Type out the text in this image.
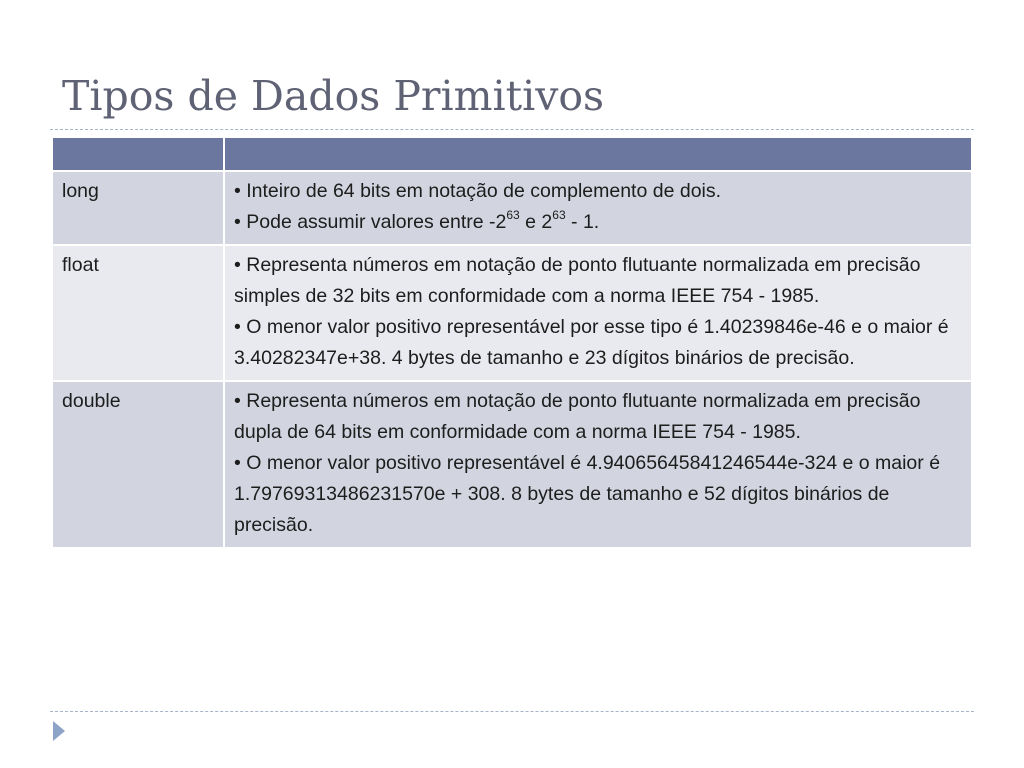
Tipos de Dados Primitivos

long	• Inteiro de 64 bits em notação de complemento de dois.
• Pode assumir valores entre $-2^{63}$ e $2^{63} - 1$.

float	• Representa números em notação de ponto flutuante normalizada em precisão simples de 32 bits em conformidade com a norma IEEE 754 - 1985.
• O menor valor positivo representável por esse tipo é 1.40239846e-46 e o maior é 3.40282347e+38. 4 bytes de tamanho e 23 dígitos binários de precisão.

double	• Representa números em notação de ponto flutuante normalizada em precisão dupla de 64 bits em conformidade com a norma IEEE 754 - 1985.
• O menor valor positivo representável é 4.94065645841246544e-324 e o maior é 1.79769313486231570e + 308. 8 bytes de tamanho e 52 dígitos binários de precisão.
